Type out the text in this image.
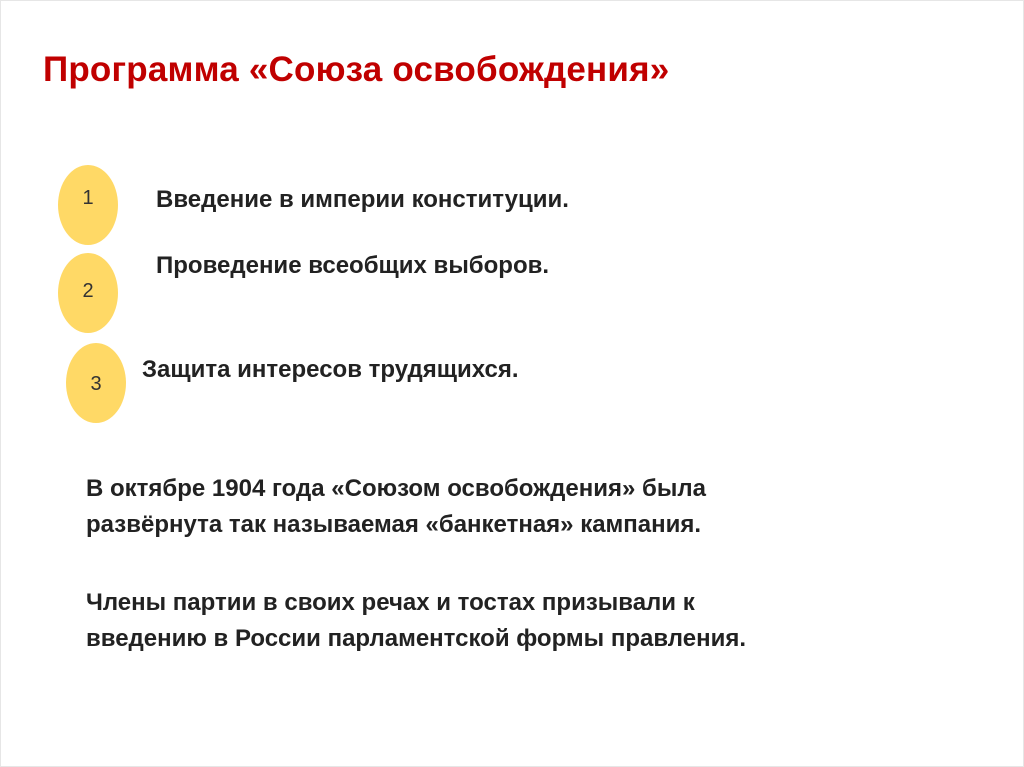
Программа «Союза освобождения»
1	Введение в империи конституции.
2
Проведение всеобщих выборов.
3
Защита интересов трудящихся.
В октябре 1904 года «Союзом освобождения» была
развёрнута так называемая «банкетная» кампания.
Члены партии в своих речах и тостах призывали к
введению в России парламентской формы правления.
